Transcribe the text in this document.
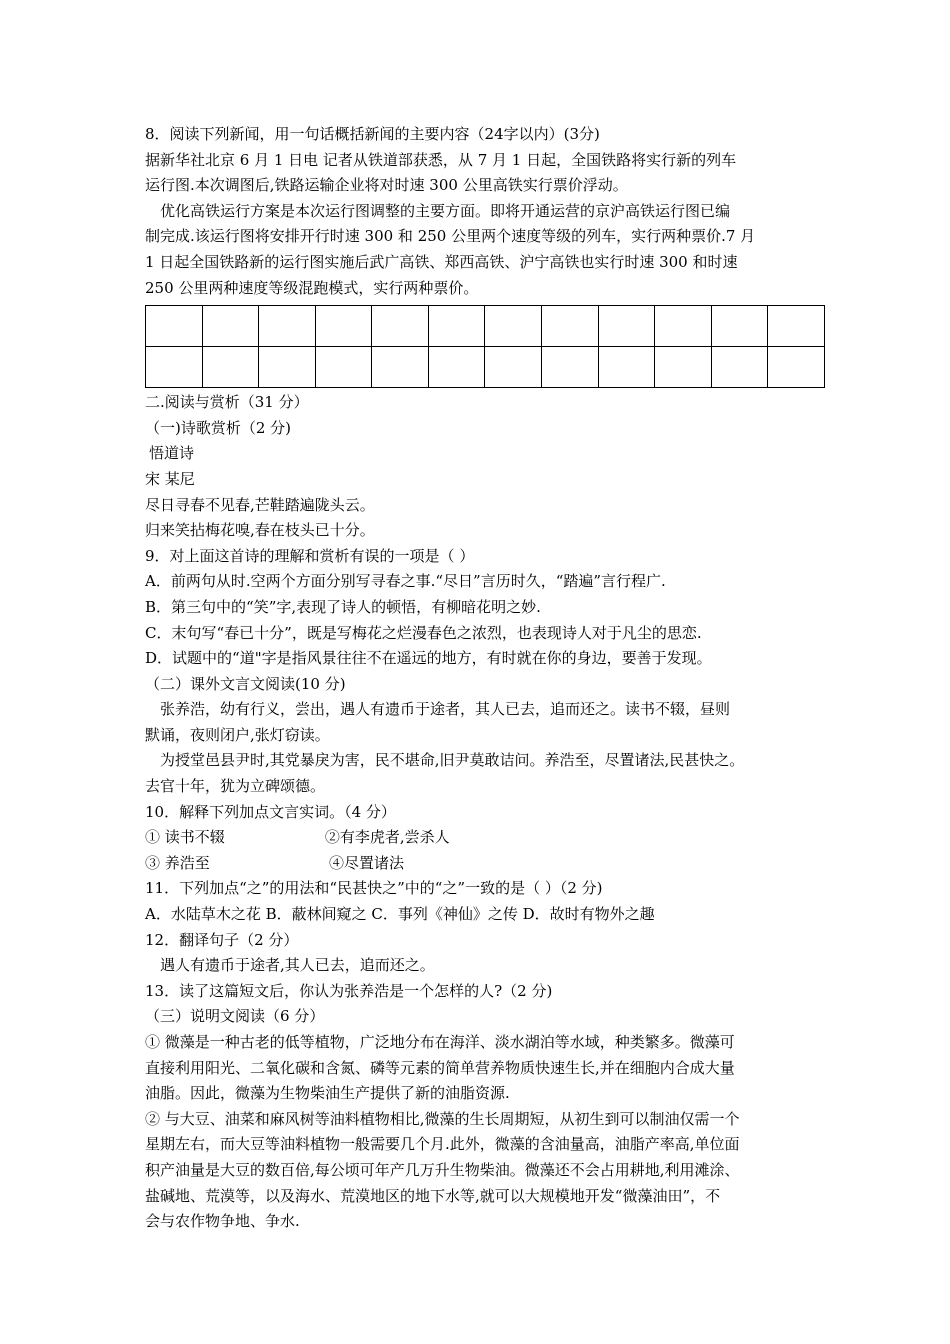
8．阅读下列新闻，用一句话概括新闻的主要内容（24字以内）(3分)
据新华社北京 6 月 1 日电 记者从铁道部获悉，从 7 月 1 日起，全国铁路将实行新的列车
运行图.本次调图后,铁路运输企业将对时速 300 公里高铁实行票价浮动。
优化高铁运行方案是本次运行图调整的主要方面。即将开通运营的京沪高铁运行图已编
制完成.该运行图将安排开行时速 300 和 250 公里两个速度等级的列车，实行两种票价.7 月
1 日起全国铁路新的运行图实施后武广高铁、郑西高铁、沪宁高铁也实行时速 300 和时速
250 公里两种速度等级混跑模式，实行两种票价。

二.阅读与赏析（31 分）
（一)诗歌赏析（2 分)
悟道诗
宋 某尼
尽日寻春不见春,芒鞋踏遍陇头云。
归来笑拈梅花嗅,春在枝头已十分。
9．对上面这首诗的理解和赏析有误的一项是（ ）
A．前两句从时.空两个方面分别写寻春之事.“尽日”言历时久，“踏遍”言行程广.
B．第三句中的“笑”字,表现了诗人的顿悟，有柳暗花明之妙.
C．末句写“春已十分”，既是写梅花之烂漫春色之浓烈，也表现诗人对于凡尘的思恋.
D．试题中的“道"字是指风景往往不在遥远的地方，有时就在你的身边，要善于发现。
（二）课外文言文阅读(10 分)
张养浩，幼有行义，尝出，遇人有遗币于途者，其人已去，追而还之。读书不辍，昼则
默诵，夜则闭户,张灯窃读。
为授堂邑县尹时,其党暴戾为害，民不堪命,旧尹莫敢诘问。养浩至，尽置诸法,民甚快之。
去官十年，犹为立碑颂德。
10．解释下列加点文言实词。（4 分）
① 读书不辍                     ②有李虎者,尝杀人
③ 养浩至                         ④尽置诸法
11．下列加点“之”的用法和“民甚快之”中的“之”一致的是（ ）（2 分)
A．水陆草木之花 B．蔽林间窥之 C．事列《神仙》之传 D．故时有物外之趣
12．翻译句子（2 分）
遇人有遗币于途者,其人已去，追而还之。
13．读了这篇短文后，你认为张养浩是一个怎样的人?（2 分)
（三）说明文阅读（6 分）
① 微藻是一种古老的低等植物，广泛地分布在海洋、淡水湖泊等水域，种类繁多。微藻可
直接利用阳光、二氧化碳和含氮、磷等元素的简单营养物质快速生长,并在细胞内合成大量
油脂。因此，微藻为生物柴油生产提供了新的油脂资源.
② 与大豆、油菜和麻风树等油料植物相比,微藻的生长周期短，从初生到可以制油仅需一个
星期左右，而大豆等油料植物一般需要几个月.此外，微藻的含油量高，油脂产率高,单位面
积产油量是大豆的数百倍,每公顷可年产几万升生物柴油。微藻还不会占用耕地,利用滩涂、
盐碱地、荒漠等，以及海水、荒漠地区的地下水等,就可以大规模地开发“微藻油田”，不
会与农作物争地、争水.
